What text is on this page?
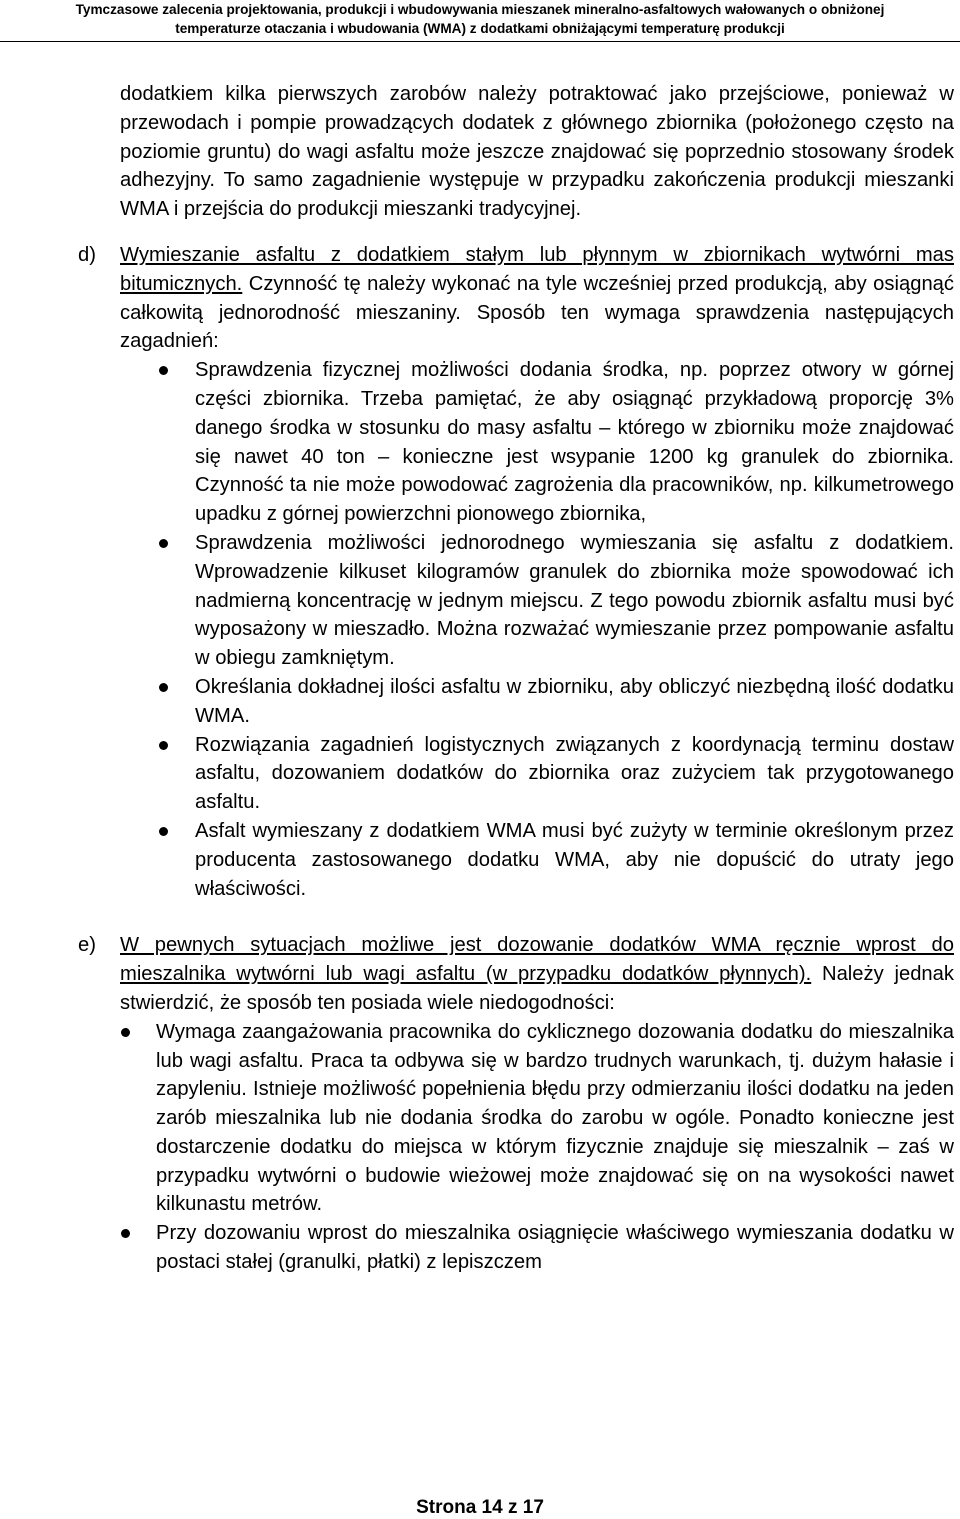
Tymczasowe zalecenia projektowania, produkcji i wbudowywania mieszanek mineralno-asfaltowych wałowanych o obniżonej
temperaturze otaczania i wbudowania (WMA) z dodatkami obniżającymi temperaturę produkcji

dodatkiem kilka pierwszych zarobów należy potraktować jako przejściowe, ponieważ w przewodach i pompie prowadzących dodatek z głównego zbiornika (położonego często na poziomie gruntu) do wagi asfaltu może jeszcze znajdować się poprzednio stosowany środek adhezyjny. To samo zagadnienie występuje w przypadku zakończenia produkcji mieszanki WMA i przejścia do produkcji mieszanki tradycyjnej.

d) Wymieszanie asfaltu z dodatkiem stałym lub płynnym w zbiornikach wytwórni mas bitumicznych. Czynność tę należy wykonać na tyle wcześniej przed produkcją, aby osiągnąć całkowitą jednorodność mieszaniny. Sposób ten wymaga sprawdzenia następujących zagadnień:

Sprawdzenia fizycznej możliwości dodania środka, np. poprzez otwory w górnej części zbiornika. Trzeba pamiętać, że aby osiągnąć przykładową proporcję 3% danego środka w stosunku do masy asfaltu – którego w zbiorniku może znajdować się nawet 40 ton – konieczne jest wsypanie 1200 kg granulek do zbiornika. Czynność ta nie może powodować zagrożenia dla pracowników, np. kilkumetrowego upadku z górnej powierzchni pionowego zbiornika,
Sprawdzenia możliwości jednorodnego wymieszania się asfaltu z dodatkiem. Wprowadzenie kilkuset kilogramów granulek do zbiornika może spowodować ich nadmierną koncentrację w jednym miejscu. Z tego powodu zbiornik asfaltu musi być wyposażony w mieszadło. Można rozważać wymieszanie przez pompowanie asfaltu w obiegu zamkniętym.
Określania dokładnej ilości asfaltu w zbiorniku, aby obliczyć niezbędną ilość dodatku WMA.
Rozwiązania zagadnień logistycznych związanych z koordynacją terminu dostaw asfaltu, dozowaniem dodatków do zbiornika oraz zużyciem tak przygotowanego asfaltu.
Asfalt wymieszany z dodatkiem WMA musi być zużyty w terminie określonym przez producenta zastosowanego dodatku WMA, aby nie dopuścić do utraty jego właściwości.
e) W pewnych sytuacjach możliwe jest dozowanie dodatków WMA ręcznie wprost do mieszalnika wytwórni lub wagi asfaltu (w przypadku dodatków płynnych). Należy jednak stwierdzić, że sposób ten posiada wiele niedogodności:

Wymaga zaangażowania pracownika do cyklicznego dozowania dodatku do mieszalnika lub wagi asfaltu. Praca ta odbywa się w bardzo trudnych warunkach, tj. dużym hałasie i zapyleniu. Istnieje możliwość popełnienia błędu przy odmierzaniu ilości dodatku na jeden zarób mieszalnika lub nie dodania środka do zarobu w ogóle. Ponadto konieczne jest dostarczenie dodatku do miejsca w którym fizycznie znajduje się mieszalnik – zaś w przypadku wytwórni o budowie wieżowej może znajdować się on na wysokości nawet kilkunastu metrów.
Przy dozowaniu wprost do mieszalnika osiągnięcie właściwego wymieszania dodatku w postaci stałej (granulki, płatki) z lepiszczem
Strona 14 z 17
